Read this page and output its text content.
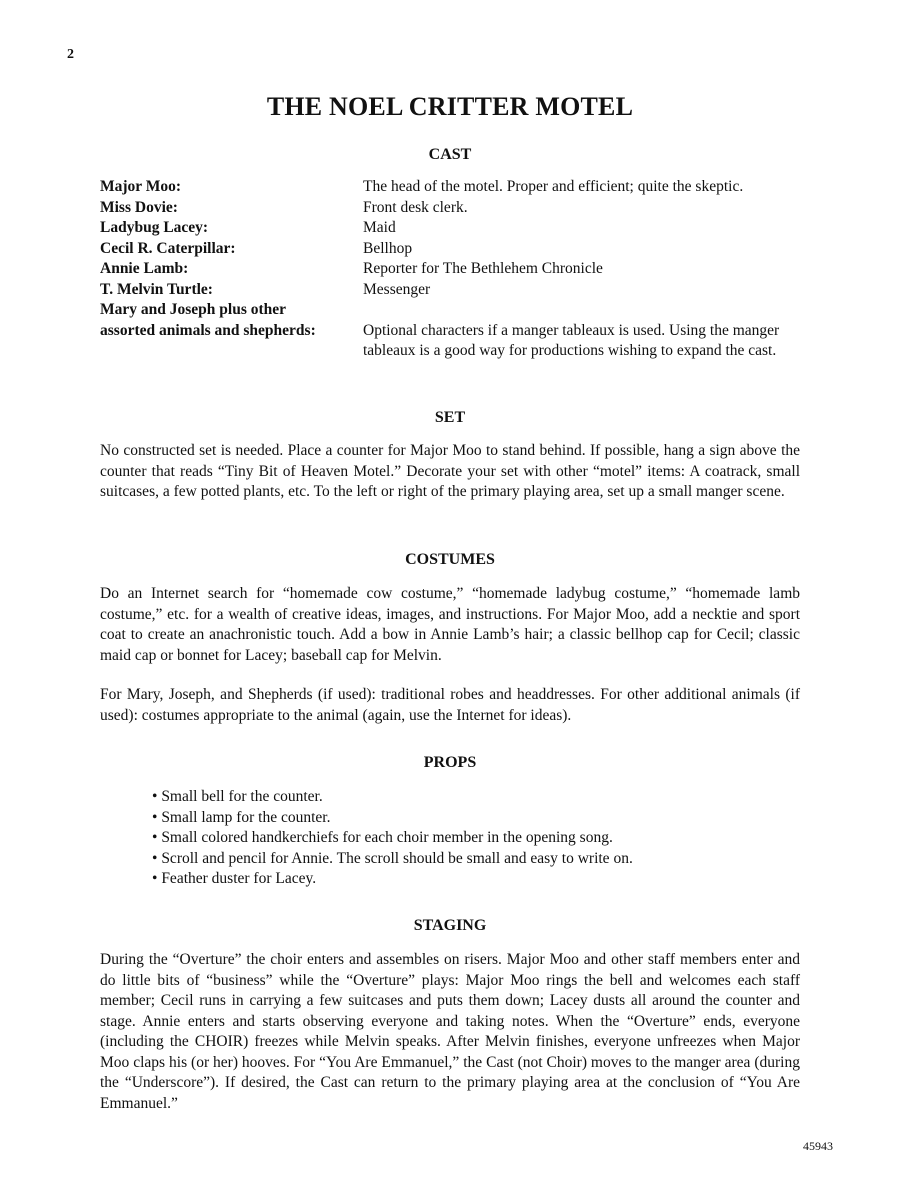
2
THE NOEL CRITTER MOTEL
CAST
Major Moo:	The head of the motel. Proper and efficient; quite the skeptic.
Miss Dovie:	Front desk clerk.
Ladybug Lacey:	Maid
Cecil R. Caterpillar:	Bellhop
Annie Lamb:	Reporter for The Bethlehem Chronicle
T. Melvin Turtle:	Messenger
Mary and Joseph plus other
assorted animals and shepherds:	Optional characters if a manger tableaux is used. Using the manger tableaux is a good way for productions wishing to expand the cast.
SET

No constructed set is needed. Place a counter for Major Moo to stand behind. If possible, hang a sign above the counter that reads “Tiny Bit of Heaven Motel.” Decorate your set with other “motel” items: A coatrack, small suitcases, a few potted plants, etc. To the left or right of the primary playing area, set up a small manger scene.

COSTUMES

Do an Internet search for “homemade cow costume,” “homemade ladybug costume,” “homemade lamb costume,” etc. for a wealth of creative ideas, images, and instructions. For Major Moo, add a necktie and sport coat to create an anachronistic touch. Add a bow in Annie Lamb’s hair; a classic bellhop cap for Cecil; classic maid cap or bonnet for Lacey; baseball cap for Melvin.

For Mary, Joseph, and Shepherds (if used): traditional robes and headdresses. For other additional animals (if used): costumes appropriate to the animal (again, use the Internet for ideas).

PROPS
• Small bell for the counter.
• Small lamp for the counter.
• Small colored handkerchiefs for each choir member in the opening song.
• Scroll and pencil for Annie. The scroll should be small and easy to write on.
• Feather duster for Lacey.
STAGING

During the “Overture” the choir enters and assembles on risers. Major Moo and other staff members enter and do little bits of “business” while the “Overture” plays: Major Moo rings the bell and welcomes each staff member; Cecil runs in carrying a few suitcases and puts them down; Lacey dusts all around the counter and stage. Annie enters and starts observing everyone and taking notes. When the “Overture” ends, everyone (including the CHOIR) freezes while Melvin speaks. After Melvin finishes, everyone unfreezes when Major Moo claps his (or her) hooves. For “You Are Emmanuel,” the Cast (not Choir) moves to the manger area (during the “Underscore”). If desired, the Cast can return to the primary playing area at the conclusion of “You Are Emmanuel.”

45943
